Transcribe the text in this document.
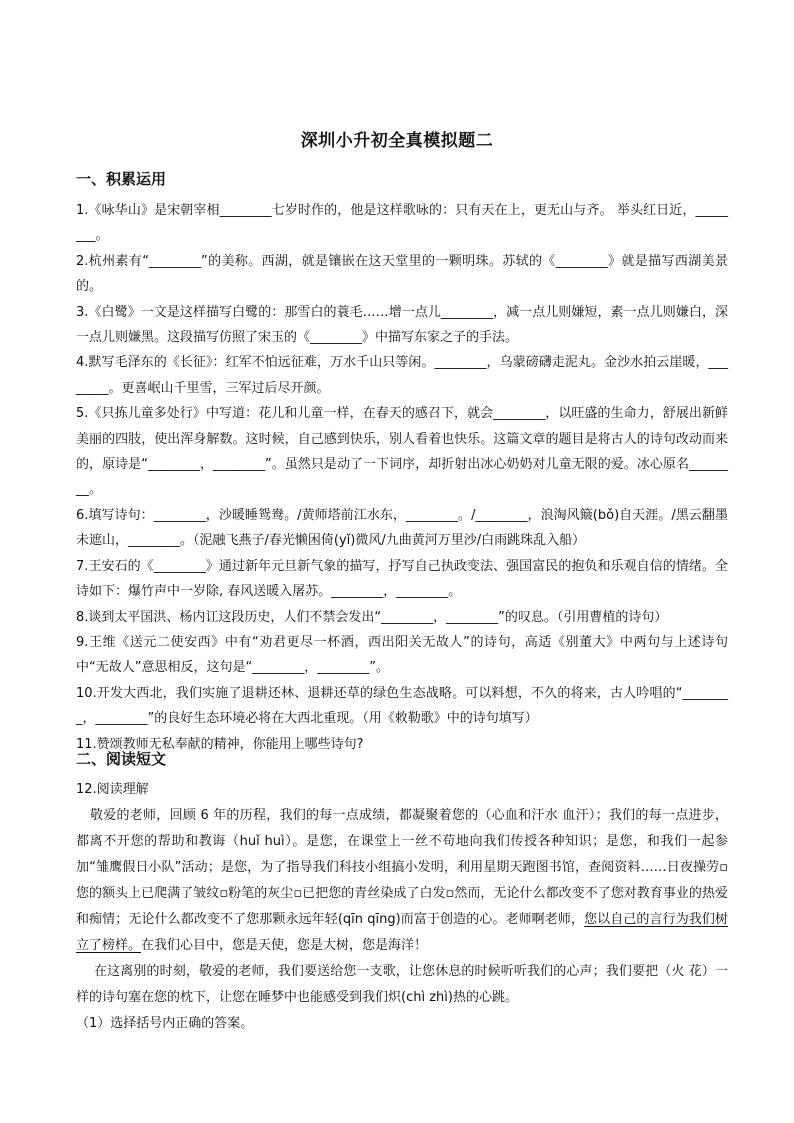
深圳小升初全真模拟题二
一、积累运用

1.《咏华山》是宋朝宰相________七岁时作的，他是这样歌咏的：只有天在上，更无山与齐。 举头红日近，________。

2.杭州素有“________”的美称。西湖，就是镶嵌在这天堂里的一颗明珠。苏轼的《________》就是描写西湖美景的。

3.《白鹭》一文是这样描写白鹭的：那雪白的蓑毛……增一点儿________，减一点儿则嫌短，素一点儿则嫌白，深一点儿则嫌黑。这段描写仿照了宋玉的《________》中描写东家之子的手法。

4.默写毛泽东的《长征》：红军不怕远征难，万水千山只等闲。________，乌蒙磅礴走泥丸。金沙水拍云崖暖，________。更喜岷山千里雪，三军过后尽开颜。

5.《只拣儿童多处行》中写道：花儿和儿童一样，在春天的感召下，就会________，以旺盛的生命力，舒展出新鲜美丽的四肢，使出浑身解数。这时候，自己感到快乐，别人看着也快乐。这篇文章的题目是将古人的诗句改动而来的，原诗是“________，________”。虽然只是动了一下词序，却折射出冰心奶奶对儿童无限的爱。冰心原名________。

6.填写诗句：________，沙暖睡鸳鸯。/黄师塔前江水东，________。/________，浪淘风簸(bǒ)自天涯。/黑云翻墨未遮山，________。（泥融飞燕子/春光懒困倚(yǐ)微风/九曲黄河万里沙/白雨跳珠乱入船）

7.王安石的《________》通过新年元旦新气象的描写，抒写自己执政变法、强国富民的抱负和乐观自信的情绪。全诗如下：爆竹声中一岁除, 春风送暖入屠苏。________，________。

8.谈到太平国洪、杨内讧这段历史，人们不禁会发出“________，________”的叹息。（引用曹植的诗句）

9.王维《送元二使安西》中有“劝君更尽一杯酒，西出阳关无故人”的诗句，高适《别董大》中两句与上述诗句中“无故人”意思相反，这句是“________，________”。

10.开发大西北，我们实施了退耕还林、退耕还草的绿色生态战略。可以料想，不久的将来，古人吟唱的“________，________”的良好生态环境必将在大西北重现。（用《敕勒歌》中的诗句填写）

11.赞颂教师无私奉献的精神，你能用上哪些诗句?

二、阅读短文

12.阅读理解

敬爱的老师，回顾 6 年的历程，我们的每一点成绩，都凝聚着您的（心血和汗水 血汗）；我们的每一点进步，都离不开您的帮助和教诲（huǐ huì）。是您，在课堂上一丝不苟地向我们传授各种知识；是您，和我们一起参加“雏鹰假日小队”活动；是您，为了指导我们科技小组搞小发明，利用星期天跑图书馆，查阅资料……日夜操劳▫您的额头上已爬满了皱纹▫粉笔的灰尘▫已把您的青丝染成了白发▫然而，无论什么都改变不了您对教育事业的热爱和痴情；无论什么都改变不了您那颗永远年轻(qīn qīng)而富于创造的心。老师啊老师，您以自己的言行为我们树立了榜样。在我们心目中，您是天使，您是大树，您是海洋！

在这离别的时刻，敬爱的老师，我们要送给您一支歌，让您休息的时候听听我们的心声；我们要把（火 花）一样的诗句塞在您的枕下，让您在睡梦中也能感受到我们炽(chì zhì)热的心跳。

（1）选择括号内正确的答案。
